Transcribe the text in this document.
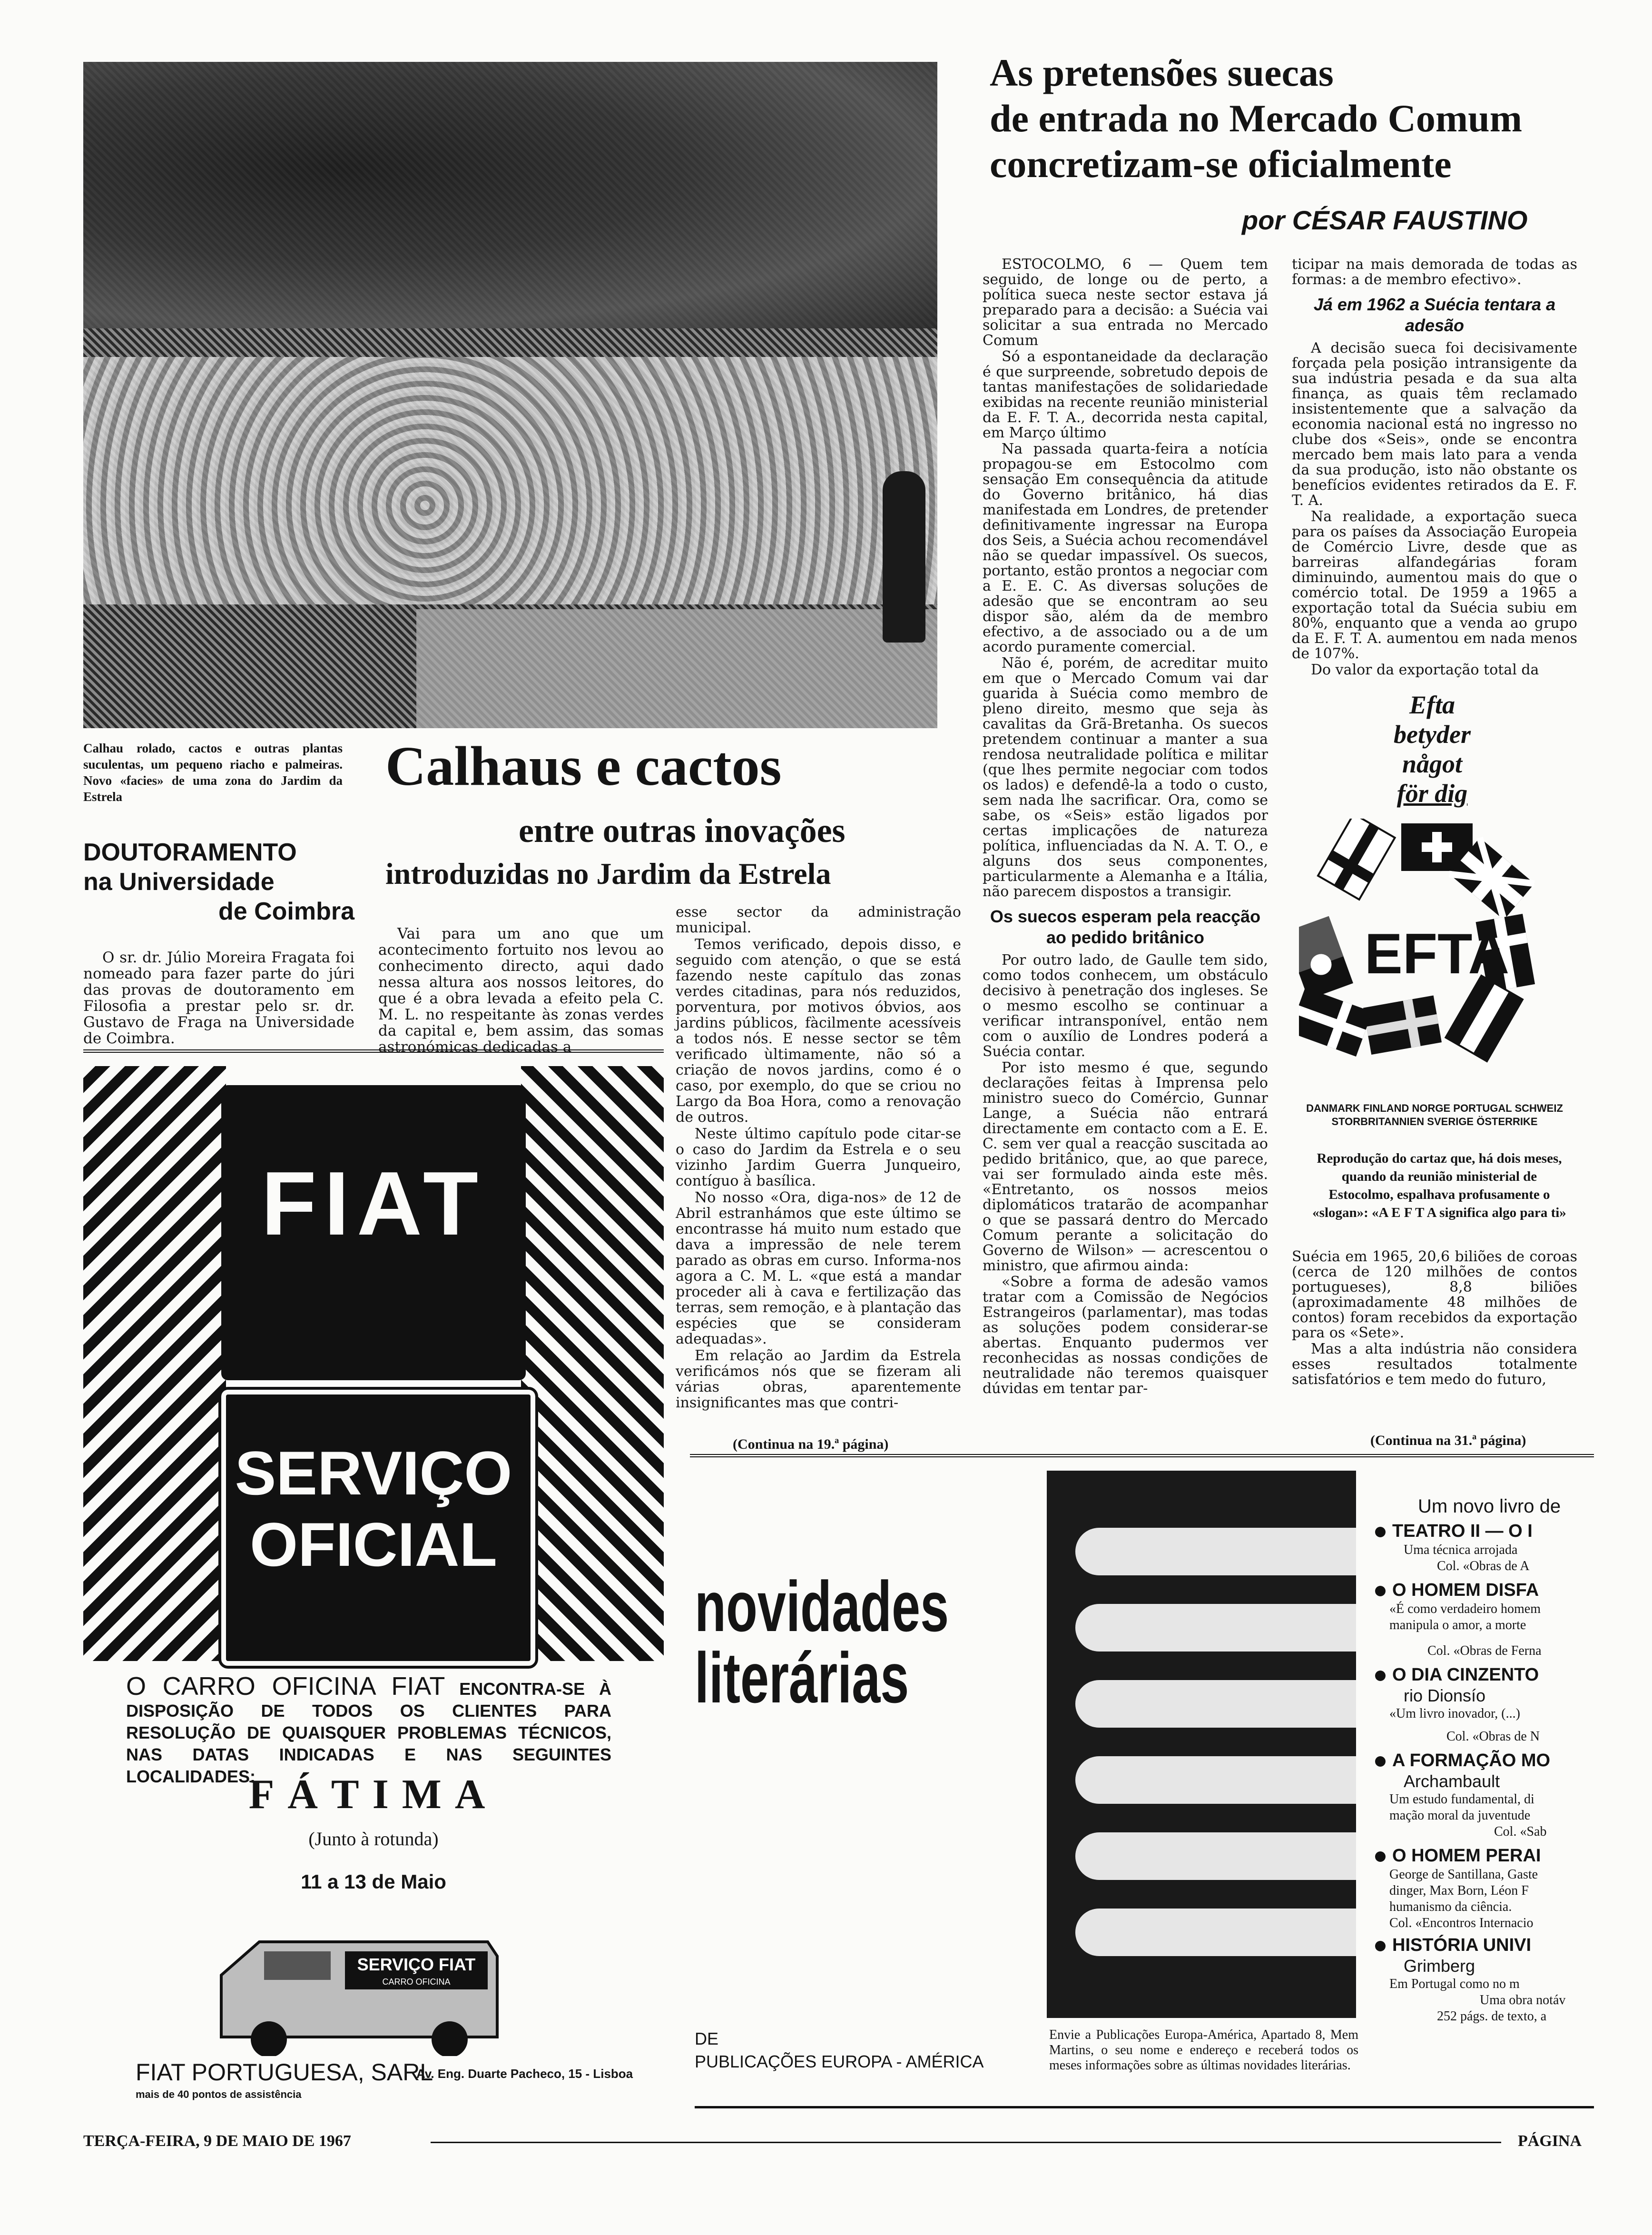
Calhau rolado, cactos e outras plantas suculentas, um pequeno riacho e palmeiras. Novo «facies» de uma zona do Jardim da Estrela
DOUTORAMENTO
na Universidade
de Coimbra

O sr. dr. Júlio Moreira Fragata foi nomeado para fazer parte do júri das provas de doutoramento em Filosofia a prestar pelo sr. dr. Gustavo de Fraga na Universidade de Coimbra.

Calhaus e cactos
entre outras inovações
introduzidas no Jardim da Estrela

Vai para um ano que um acontecimento fortuito nos levou ao conhecimento directo, aqui dado nessa altura aos nossos leitores, do que é a obra levada a efeito pela C. M. L. no respeitante às zonas verdes da capital e, bem assim, das somas astronómicas dedicadas a

esse sector da administração municipal.

Temos verificado, depois disso, e seguido com atenção, o que se está fazendo neste capítulo das zonas verdes citadinas, para nós reduzidos, porventura, por motivos óbvios, aos jardins públicos, fàcilmente acessíveis a todos nós. E nesse sector se têm verificado ùltimamente, não só a criação de novos jardins, como é o caso, por exemplo, do que se criou no Largo da Boa Hora, como a renovação de outros.

Neste último capítulo pode citar-se o caso do Jardim da Estrela e o seu vizinho Jardim Guerra Junqueiro, contíguo à basílica.

No nosso «Ora, diga-nos» de 12 de Abril estranhámos que este último se encontrasse há muito num estado que dava a impressão de nele terem parado as obras em curso. Informa-nos agora a C. M. L. «que está a mandar proceder ali à cava e fertilização das terras, sem remoção, e à plantação das espécies que se consideram adequadas».

Em relação ao Jardim da Estrela verificámos nós que se fizeram ali várias obras, aparentemente insignificantes mas que contri-

(Continua na 19.ª página)
As pretensões suecas
de entrada no Mercado Comum
concretizam-se oficialmente
por CÉSAR FAUSTINO

ESTOCOLMO, 6 — Quem tem seguido, de longe ou de perto, a política sueca neste sector estava já preparado para a decisão: a Suécia vai solicitar a sua entrada no Mercado Comum

Só a espontaneidade da declaração é que surpreende, sobretudo depois de tantas manifestações de solidariedade exibidas na recente reunião ministerial da E. F. T. A., decorrida nesta capital, em Março último

Na passada quarta-feira a notícia propagou-se em Estocolmo com sensação Em consequência da atitude do Governo britânico, há dias manifestada em Londres, de pretender definitivamente ingressar na Europa dos Seis, a Suécia achou recomendável não se quedar impassível. Os suecos, portanto, estão prontos a negociar com a E. E. C. As diversas soluções de adesão que se encontram ao seu dispor são, além da de membro efectivo, a de associado ou a de um acordo puramente comercial.

Não é, porém, de acreditar muito em que o Mercado Comum vai dar guarida à Suécia como membro de pleno direito, mesmo que seja às cavalitas da Grã-Bretanha. Os suecos pretendem continuar a manter a sua rendosa neutralidade política e militar (que lhes permite negociar com todos os lados) e defendê-la a todo o custo, sem nada lhe sacrificar. Ora, como se sabe, os «Seis» estão ligados por certas implicações de natureza política, influenciadas da N. A. T. O., e alguns dos seus componentes, particularmente a Alemanha e a Itália, não parecem dispostos a transigir.

Os suecos esperam pela reacção ao pedido britânico

Por outro lado, de Gaulle tem sido, como todos conhecem, um obstáculo decisivo à penetração dos ingleses. Se o mesmo escolho se continuar a verificar intransponível, então nem com o auxílio de Londres poderá a Suécia contar.

Por isto mesmo é que, segundo declarações feitas à Imprensa pelo ministro sueco do Comércio, Gunnar Lange, a Suécia não entrará directamente em contacto com a E. E. C. sem ver qual a reacção suscitada ao pedido britânico, que, ao que parece, vai ser formulado ainda este mês. «Entretanto, os nossos meios diplomáticos tratarão de acompanhar o que se passará dentro do Mercado Comum perante a solicitação do Governo de Wilson» — acrescentou o ministro, que afirmou ainda:

«Sobre a forma de adesão vamos tratar com a Comissão de Negócios Estrangeiros (parlamentar), mas todas as soluções podem considerar-se abertas. Enquanto pudermos ver reconhecidas as nossas condições de neutralidade não teremos quaisquer dúvidas em tentar par-

ticipar na mais demorada de todas as formas: a de membro efectivo».

Já em 1962 a Suécia tentara a adesão

A decisão sueca foi decisivamente forçada pela posição intransigente da sua indústria pesada e da sua alta finança, as quais têm reclamado insistentemente que a salvação da economia nacional está no ingresso no clube dos «Seis», onde se encontra mercado bem mais lato para a venda da sua produção, isto não obstante os benefícios evidentes retirados da E. F. T. A.

Na realidade, a exportação sueca para os países da Associação Europeia de Comércio Livre, desde que as barreiras alfandegárias foram diminuindo, aumentou mais do que o comércio total. De 1959 a 1965 a exportação total da Suécia subiu em 80%, enquanto que a venda ao grupo da E. F. T. A. aumentou em nada menos de 107%.

Do valor da exportação total da

Efta
betyder
något
för dig
EFTA
DANMARK FINLAND NORGE PORTUGAL SCHWEIZ
STORBRITANNIEN SVERIGE ÖSTERRIKE
Reprodução do cartaz que, há dois meses, quando da reunião ministerial de Estocolmo, espalhava profusamente o «slogan»: «A E F T A significa algo para ti»

Suécia em 1965, 20,6 biliões de coroas (cerca de 120 milhões de contos portugueses), 8,8 biliões (aproximadamente 48 milhões de contos) foram recebidos da exportação para os «Sete».

Mas a alta indústria não considera esses resultados totalmente satisfatórios e tem medo do futuro,

(Continua na 31.ª página)
FIAT
SERVIÇO
OFICIAL
O CARRO OFICINA FIAT ENCONTRA-SE À DISPOSIÇÃO DE TODOS OS CLIENTES PARA RESOLUÇÃO DE QUAISQUER PROBLEMAS TÉCNICOS, NAS DATAS INDICADAS E NAS SEGUINTES LOCALIDADES:
FÁTIMA
(Junto à rotunda)
11 a 13 de Maio
SERVIÇO FIAT
CARRO OFICINA
FIAT PORTUGUESA, SARL
Av. Eng. Duarte Pacheco, 15 - Lisboa
mais de 40 pontos de assistência
novidades
literárias
DE
PUBLICAÇÕES EUROPA - AMÉRICA
Envie a Publicações Europa-América, Apartado 8, Mem Martins, o seu nome e endereço e receberá todos os meses informações sobre as últimas novidades literárias.
Um novo livro de
TEATRO II — O I
Uma técnica arrojada
Col. «Obras de A
O HOMEM DISFA
«É como verdadeiro homem
manipula o amor, a morte
Col. «Obras de Ferna
O DIA CINZENTO
rio Dionsío
«Um livro inovador, (...)
Col. «Obras de N
A FORMAÇÃO MO
Archambault
Um estudo fundamental, di
mação moral da juventude
Col. «Sab
O HOMEM PERAI
George de Santillana, Gaste
dinger, Max Born, Léon F
humanismo da ciência.
Col. «Encontros Internacio
HISTÓRIA UNIVI
Grimberg
Em Portugal como no m
Uma obra notáv
252 págs. de texto, a
TERÇA-FEIRA, 9 DE MAIO DE 1967	PÁGINA
